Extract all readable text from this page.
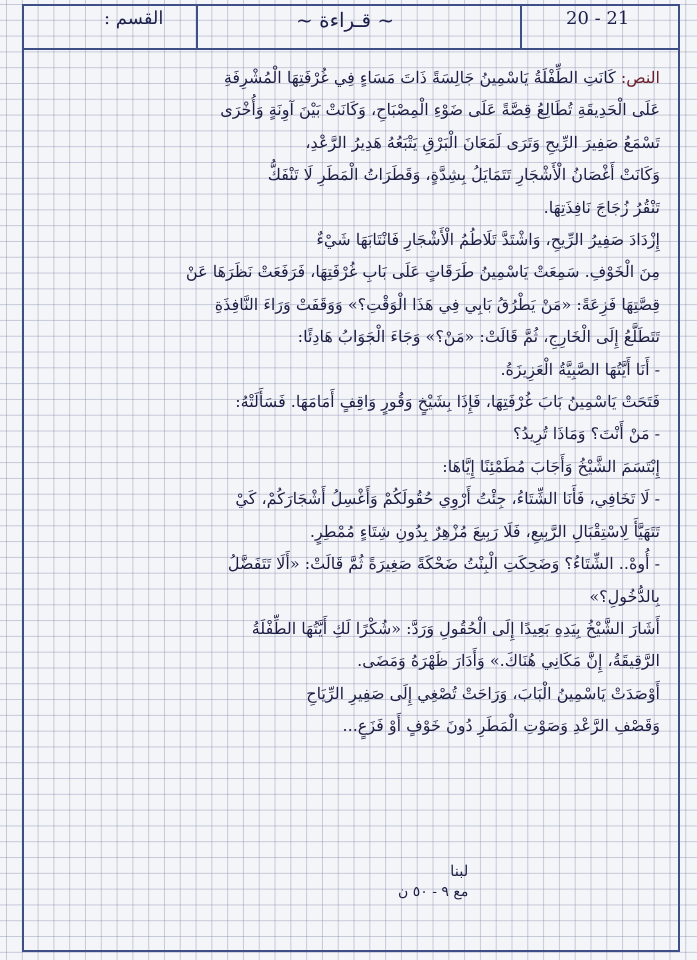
القسم :	~ قـراءة ~	20 - 21

النص: كَانَتِ الطِّفْلَةُ يَاسْمِينُ جَالِسَةً ذَاتَ مَسَاءٍ فِي غُرْفَتِهَا الْمُشْرِفَةِ
عَلَى الْحَدِيقَةِ تُطَالِعُ قِصَّةً عَلَى ضَوْءِ الْمِصْبَاحِ، وَكَانَتْ بَيْنَ آوِنَةٍ وَأُخْرَى
تَسْمَعُ صَفِيرَ الرِّيحِ وَتَرَى لَمَعَانَ الْبَرْقِ يَتْبَعُهُ هَدِيرُ الرَّعْدِ،
وَكَانَتْ أَغْصَانُ الْأَشْجَارِ تَتَمَايَلُ بِشِدَّةٍ، وَقَطَرَاتُ الْمَطَرِ لَا تَنْفَكُّ
تَنْقُرُ زُجَاجَ نَافِذَتِهَا.

إِزْدَادَ صَفِيرُ الرِّيحِ، وَاشْتَدَّ تَلَاطُمُ الْأَشْجَارِ فَانْتَابَهَا شَيْءٌ
مِنَ الْخَوْفِ. سَمِعَتْ يَاسْمِينُ طَرَقَاتٍ عَلَى بَابِ غُرْفَتِهَا، فَرَفَعَتْ نَظَرَهَا عَنْ
قِصَّتِهَا فَزِعَةً: «مَنْ يَطْرُقُ بَابِي فِي هَذَا الْوَقْتِ؟» وَوَقَفَتْ وَرَاءَ النَّافِذَةِ
تَتَطَلَّعُ إِلَى الْخَارِجِ، ثُمَّ قَالَتْ: «مَنْ؟» وَجَاءَ الْجَوَابُ هَادِئًا:
- أَنَا أَيَّتُهَا الصَّبِيَّةُ الْعَزِيزَةُ.

فَتَحَتْ يَاسْمِينُ بَابَ غُرْفَتِهَا، فَإِذَا بِشَيْخٍ وَقُورٍ وَاقِفٍ أَمَامَهَا. فَسَأَلَتْهُ:
- مَنْ أَنْتَ؟ وَمَاذَا تُرِيدُ؟

إِبْتَسَمَ الشَّيْخُ وَأَجَابَ مُطَمْئِنًا إِيَّاهَا:
- لَا تَخَافِي، فَأَنَا الشِّتَاءُ، جِئْتُ أَرْوِي حُقُولَكُمْ وَأَغْسِلُ أَشْجَارَكُمْ، كَيْ
تَتَهَيَّأَ لِاسْتِقْبَالِ الرَّبِيعِ، فَلَا رَبِيعَ مُزْهِرٌ بِدُونِ شِتَاءٍ مُمْطِرٍ.
- أُوهْ.. الشِّتَاءُ؟ وَضَحِكَتِ الْبِنْتُ ضَحْكَةً صَغِيرَةً ثُمَّ قَالَتْ: «أَلَا تَتَفَضَّلُ
بِالدُّخُولِ؟»

أَشَارَ الشَّيْخُ بِيَدِهِ بَعِيدًا إِلَى الْحُقُولِ وَرَدَّ: «شُكْرًا لَكِ أَيَّتُهَا الطِّفْلَةُ
الرَّقِيقَةُ، إِنَّ مَكَانِي هُنَاكَ.» وَأَدَارَ ظَهْرَهُ وَمَضَى.

أَوْصَدَتْ يَاسْمِينُ الْبَابَ، وَرَاحَتْ تُصْغِي إِلَى صَفِيرِ الرِّيَاحِ
وَقَصْفِ الرَّعْدِ وَصَوْتِ الْمَطَرِ دُونَ خَوْفٍ أَوْ فَزَعٍ...

لبنا
مع ٩ - ٥٠ ن
